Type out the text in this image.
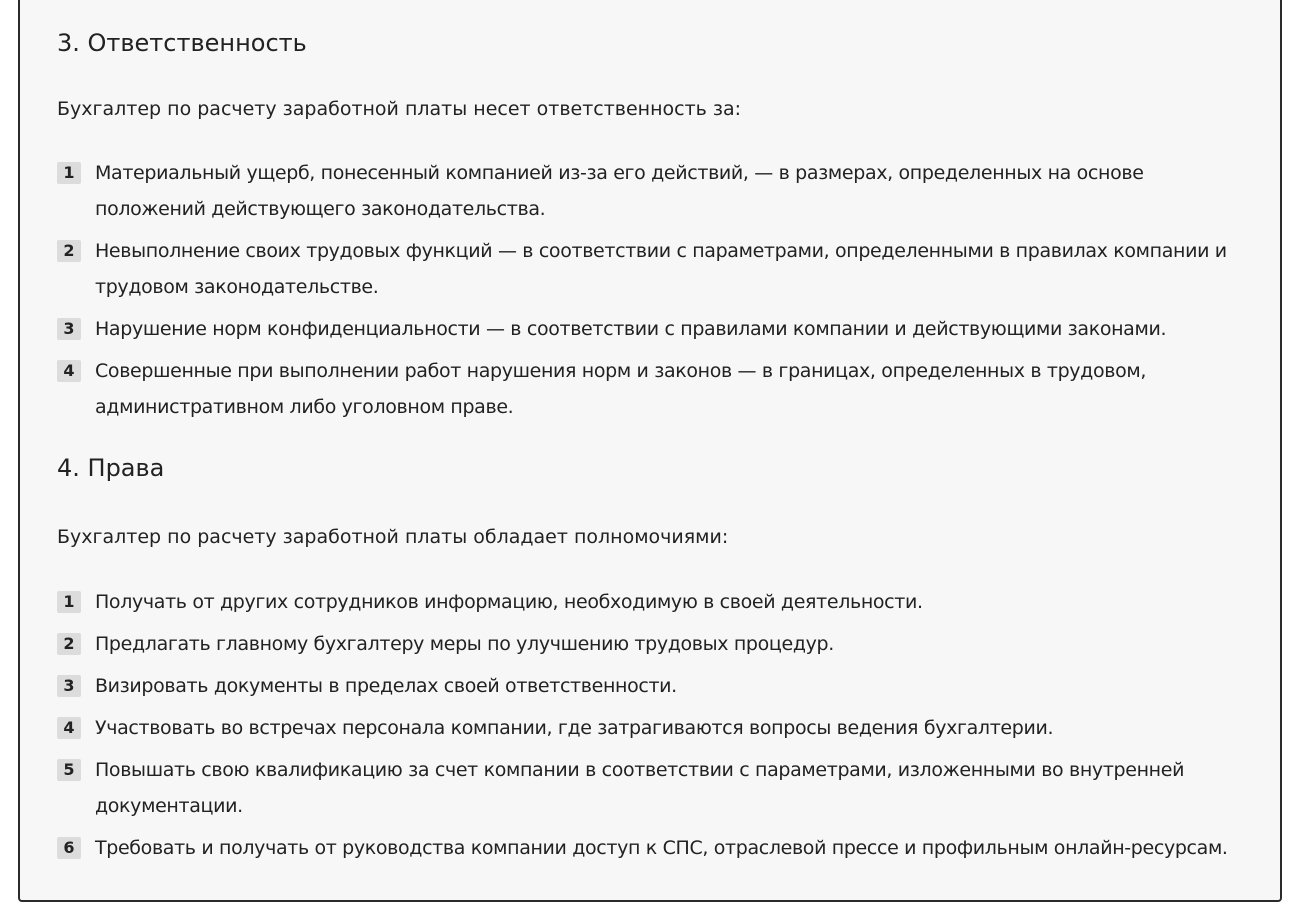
3. Ответственность

Бухгалтер по расчету заработной платы несет ответственность за:

1	Материальный ущерб, понесенный компанией из-за его действий, — в размерах, определенных на основе положений действующего законодательства.
2	Невыполнение своих трудовых функций — в соответствии с параметрами, определенными в правилах компании и трудовом законодательстве.
3	Нарушение норм конфиденциальности — в соответствии с правилами компании и действующими законами.
4	Совершенные при выполнении работ нарушения норм и законов — в границах, определенных в трудовом, административном либо уголовном праве.
4. Права

Бухгалтер по расчету заработной платы обладает полномочиями:

1	Получать от других сотрудников информацию, необходимую в своей деятельности.
2	Предлагать главному бухгалтеру меры по улучшению трудовых процедур.
3	Визировать документы в пределах своей ответственности.
4	Участвовать во встречах персонала компании, где затрагиваются вопросы ведения бухгалтерии.
5	Повышать свою квалификацию за счет компании в соответствии с параметрами, изложенными во внутренней документации.
6	Требовать и получать от руководства компании доступ к СПС, отраслевой прессе и профильным онлайн-ресурсам.
